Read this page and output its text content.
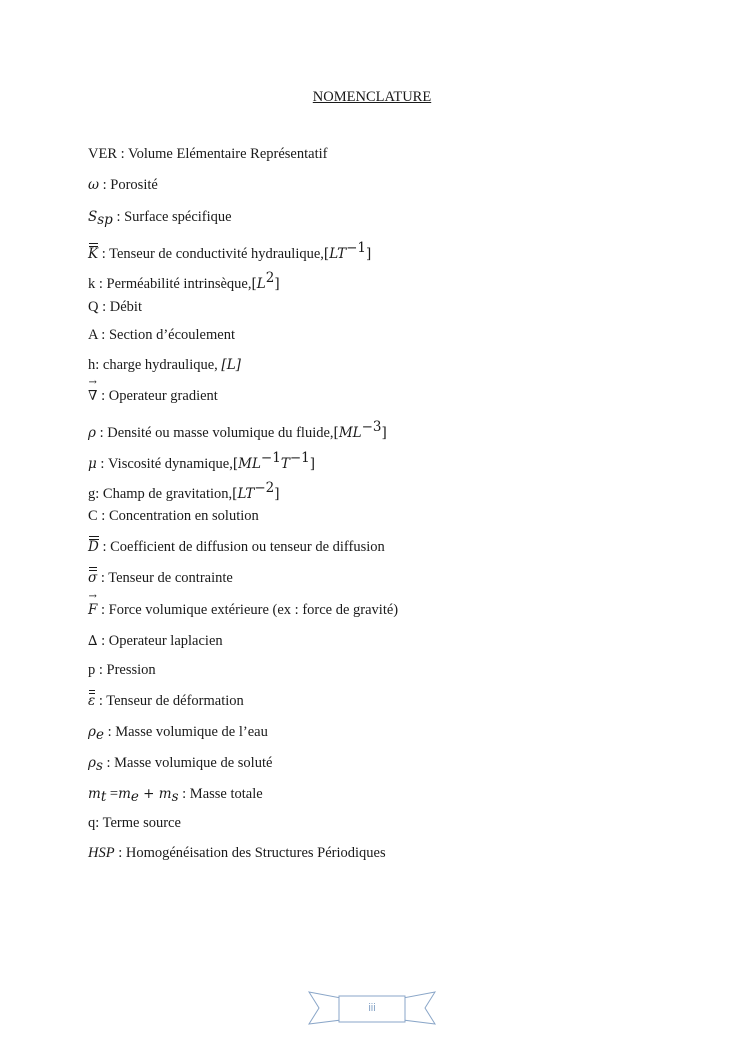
NOMENCLATURE
VER : Volume Elémentaire Représentatif
ω : Porosité
$S_{sp}$ : Surface spécifique
K : Tenseur de conductivité $hydraulique,[LT^{-1}]$
k : Perméabilité $intrinsèque,[L^2]$
Q : Débit
A : Section d’écoulement
h: charge hydraulique, [L]
→
∇ : Operateur gradient
ρ : Densité ou masse volumique du $fluide,[ML^{-3}]$
μ : Viscosité $dynamique,[ML^{-1}T^{-1}]$
g: Champ de $gravitation,[LT^{-2}]$
C : Concentration en solution
D : Coefficient de diffusion ou tenseur de diffusion
σ : Tenseur de contrainte
→
F : Force volumique extérieure (ex : force de gravité)
∆ : Operateur laplacien
p : Pression
ε : Tenseur de déformation
$\rho_e$ : Masse volumique de l’eau
$\rho_s$ : Masse volumique de soluté
$m_t =m_e + m_s$ : Masse totale
q: Terme source
HSP : Homogénéisation des Structures Périodiques
iii
